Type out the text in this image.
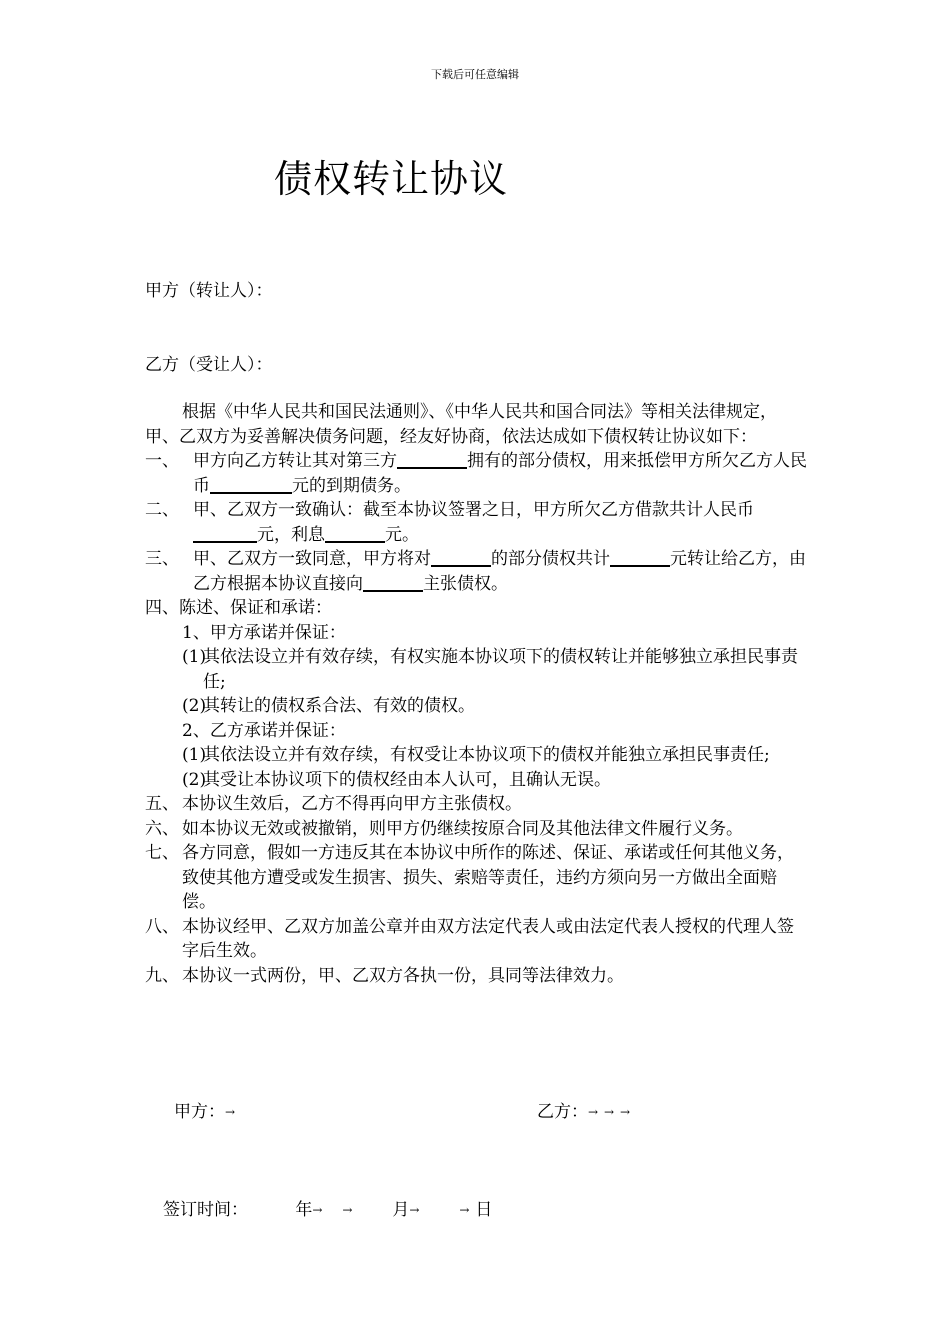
下载后可任意编辑
债权转让协议
甲方（转让人）：
乙方（受让人）：
根据《中华人民共和国民法通则》、《中华人民共和国合同法》等相关法律规定，甲、乙双方为妥善解决债务问题，经友好协商，依法达成如下债权转让协议如下：
一、 甲方向乙方转让其对第三方	拥有的部分债权，用来抵偿甲方所欠乙方人民币	元的到期债务。
二、 甲、乙双方一致确认：截至本协议签署之日，甲方所欠乙方借款共计人民币元，利息	元。
三、 甲、乙双方一致同意，甲方将对	的部分债权共计	元转让给乙方，由乙方根据本协议直接向	主张债权。
四、陈述、保证和承诺：
1、甲方承诺并保证：
(1)
其依法设立并有效存续，有权实施本协议项下的债权转让并能够独立承担民事责任;
(2)
其转让的债权系合法、有效的债权。
2、乙方承诺并保证：
(1)
其依法设立并有效存续，有权受让本协议项下的债权并能独立承担民事责任;
(2)
其受让本协议项下的债权经由本人认可，且确认无误。
五、 本协议生效后，乙方不得再向甲方主张债权。
六、 如本协议无效或被撤销，则甲方仍继续按原合同及其他法律文件履行义务。
七、 各方同意，假如一方违反其在本协议中所作的陈述、保证、承诺或任何其他义务，致使其他方遭受或发生损害、损失、索赔等责任，违约方须向另一方做出全面赔偿。
八、 本协议经甲、乙双方加盖公章并由双方法定代表人或由法定代表人授权的代理人签字后生效。
九、 本协议一式两份，甲、乙双方各执一份，具同等法律效力。
甲方：→	乙方：→ → →
签订时间：	年→ → 月→	→ 日
